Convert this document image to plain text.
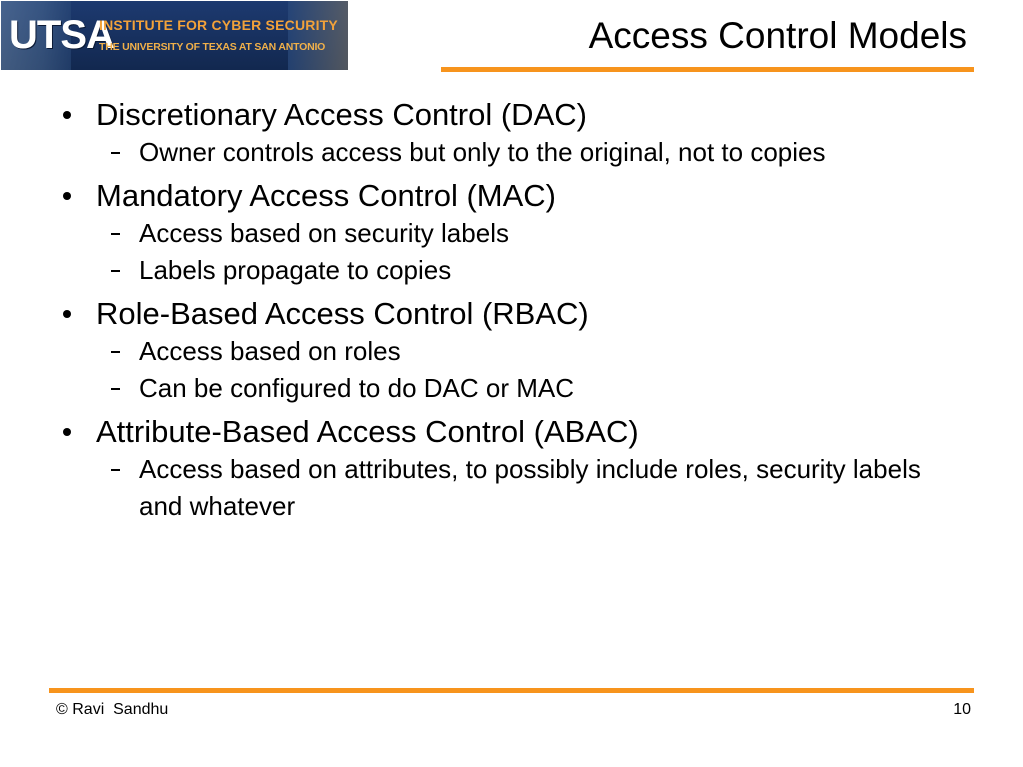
UTSA
INSTITUTE FOR CYBER SECURITY
THE UNIVERSITY OF TEXAS AT SAN ANTONIO	Access Control Models
Discretionary Access Control (DAC)
Owner controls access but only to the original, not to copies
Mandatory Access Control (MAC)
Access based on security labels
Labels propagate to copies
Role-Based Access Control (RBAC)
Access based on roles
Can be configured to do DAC or MAC
Attribute-Based Access Control (ABAC)
Access based on attributes, to possibly include roles, security labels and whatever
© Ravi  Sandhu	10
